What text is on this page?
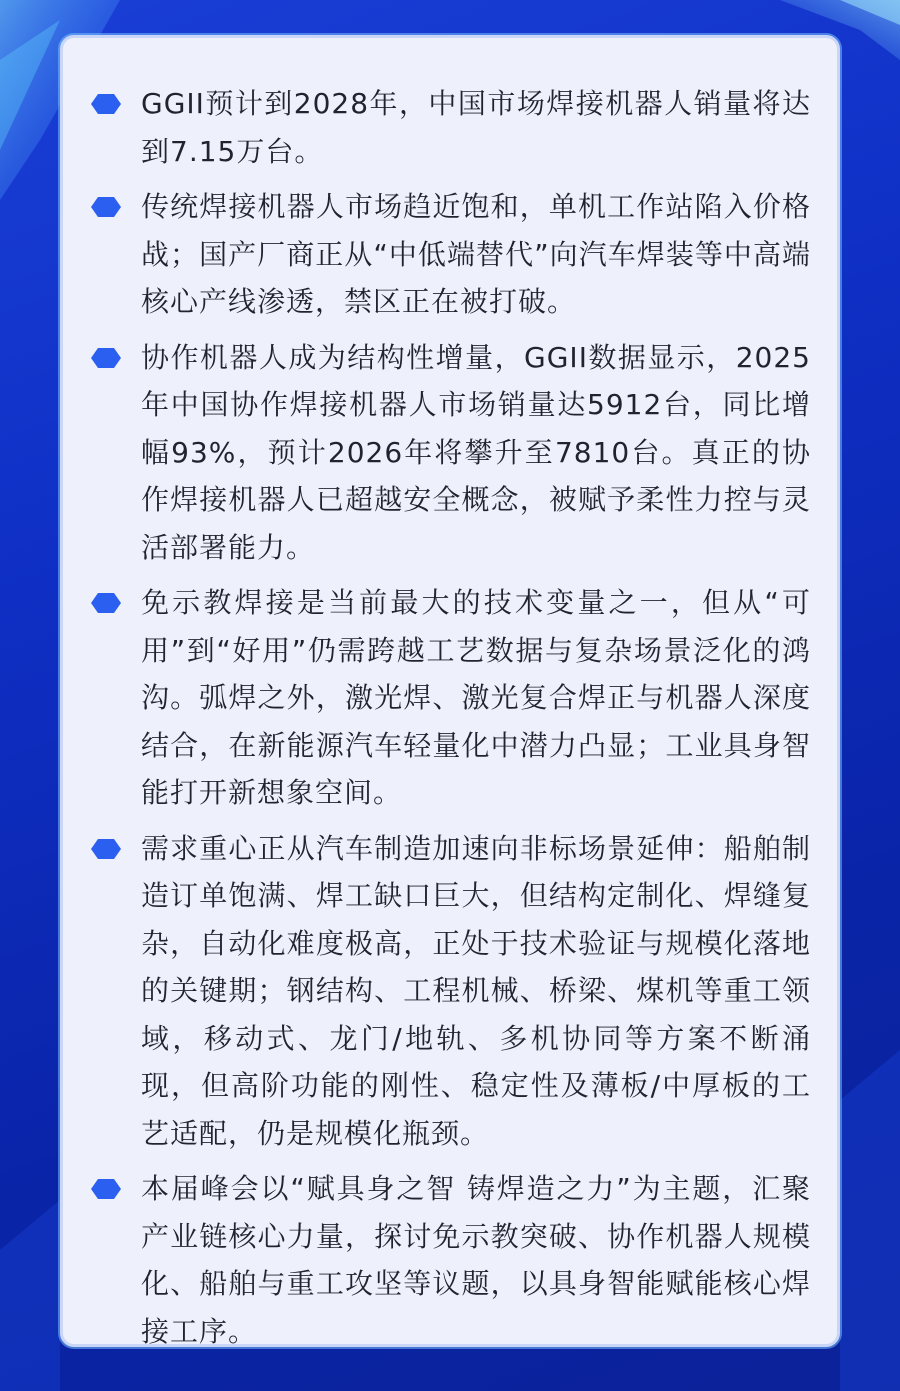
GGII预计到2028年，中国市场焊接机器人销量将达到7.15万台。
传统焊接机器人市场趋近饱和，单机工作站陷入价格战；国产厂商正从“中低端替代”向汽车焊装等中高端核心产线渗透，禁区正在被打破。
协作机器人成为结构性增量，GGII数据显示，2025年中国协作焊接机器人市场销量达5912台，同比增幅93%，预计2026年将攀升至7810台。真正的协作焊接机器人已超越安全概念，被赋予柔性力控与灵活部署能力。
免示教焊接是当前最大的技术变量之一，但从“可用”到“好用”仍需跨越工艺数据与复杂场景泛化的鸿沟。弧焊之外，激光焊、激光复合焊正与机器人深度结合，在新能源汽车轻量化中潜力凸显；工业具身智能打开新想象空间。
需求重心正从汽车制造加速向非标场景延伸：船舶制造订单饱满、焊工缺口巨大，但结构定制化、焊缝复杂，自动化难度极高，正处于技术验证与规模化落地的关键期；钢结构、工程机械、桥梁、煤机等重工领域，移动式、龙门/地轨、多机协同等方案不断涌现，但高阶功能的刚性、稳定性及薄板/中厚板的工艺适配，仍是规模化瓶颈。
本届峰会以“赋具身之智 铸焊造之力”为主题，汇聚产业链核心力量，探讨免示教突破、协作机器人规模化、船舶与重工攻坚等议题，以具身智能赋能核心焊接工序。
